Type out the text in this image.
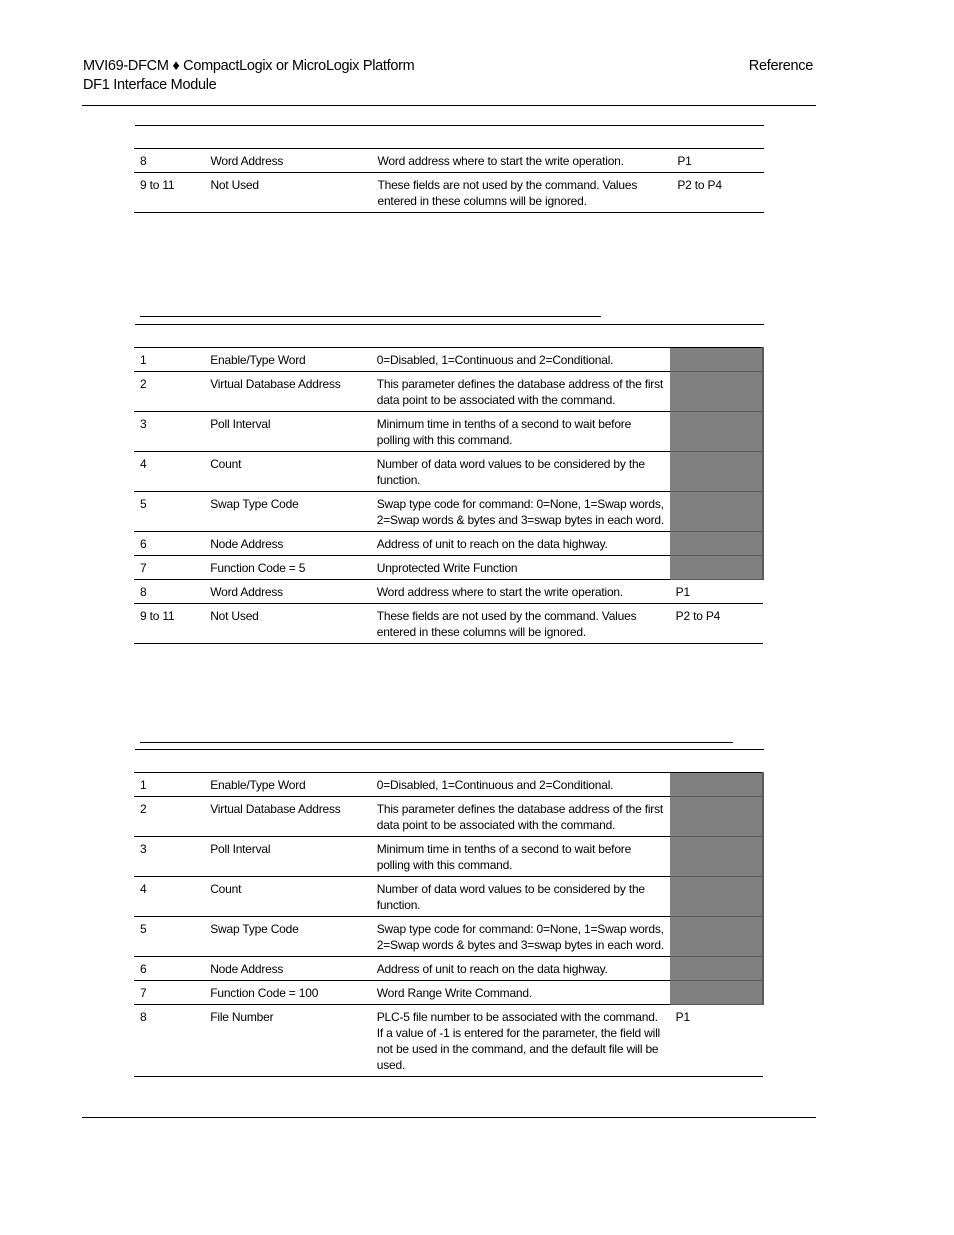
MVI69-DFCM ♦ CompactLogix or MicroLogix Platform
DF1 Interface Module
Reference
8	Word Address	Word address where to start the write operation.	P1
9 to 11	Not Used	These fields are not used by the command. Values entered in these columns will be ignored.	P2 to P4
1	Enable/Type Word	0=Disabled, 1=Continuous and 2=Conditional.	
2	Virtual Database Address	This parameter defines the database address of the first data point to be associated with the command.	
3	Poll Interval	Minimum time in tenths of a second to wait before polling with this command.	
4	Count	Number of data word values to be considered by the function.	
5	Swap Type Code	Swap type code for command: 0=None, 1=Swap words, 2=Swap words & bytes and 3=swap bytes in each word.	
6	Node Address	Address of unit to reach on the data highway.	
7	Function Code = 5	Unprotected Write Function	
8	Word Address	Word address where to start the write operation.	P1
9 to 11	Not Used	These fields are not used by the command. Values entered in these columns will be ignored.	P2 to P4
1	Enable/Type Word	0=Disabled, 1=Continuous and 2=Conditional.	
2	Virtual Database Address	This parameter defines the database address of the first data point to be associated with the command.	
3	Poll Interval	Minimum time in tenths of a second to wait before polling with this command.	
4	Count	Number of data word values to be considered by the function.	
5	Swap Type Code	Swap type code for command: 0=None, 1=Swap words, 2=Swap words & bytes and 3=swap bytes in each word.	
6	Node Address	Address of unit to reach on the data highway.	
7	Function Code = 100	Word Range Write Command.	
8	File Number	PLC-5 file number to be associated with the command. If a value of -1 is entered for the parameter, the field will not be used in the command, and the default file will be used.	P1
